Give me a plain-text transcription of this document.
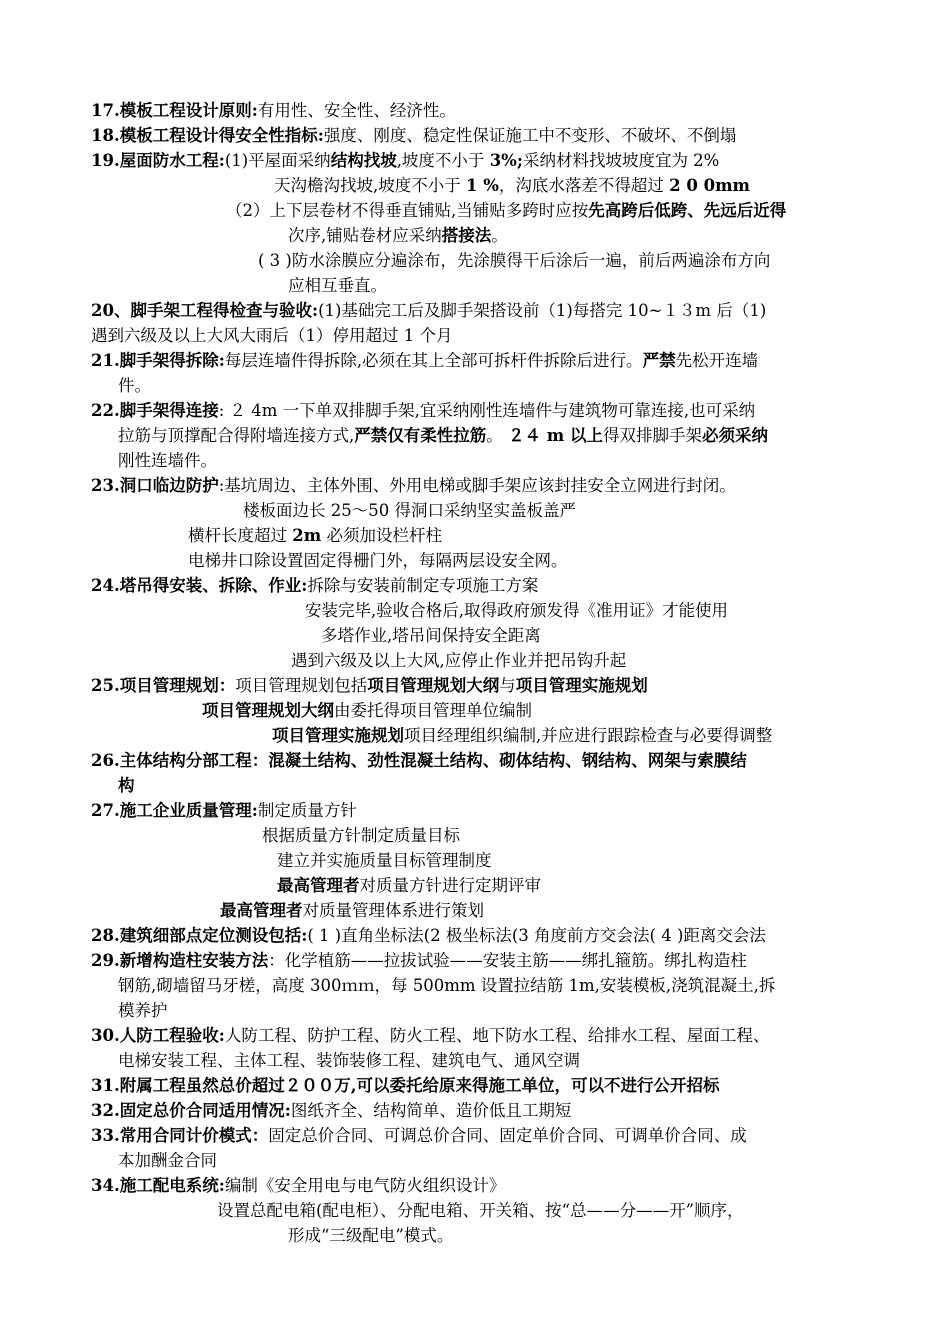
17.模板工程设计原则:有用性、安全性、经济性。
18.模板工程设计得安全性指标:强度、刚度、稳定性保证施工中不变形、不破坏、不倒塌
19.屋面防水工程:(1)平屋面采纳结构找坡,坡度不小于 3%;采纳材料找坡坡度宜为 2%
天沟檐沟找坡,坡度不小于 1 %，沟底水落差不得超过 2 0 0mm
（2）上下层卷材不得垂直铺贴,当铺贴多跨时应按先高跨后低跨、先远后近得
次序,铺贴卷材应采纳搭接法。
( 3 )防水涂膜应分遍涂布，先涂膜得干后涂后一遍，前后两遍涂布方向
应相互垂直。
20、脚手架工程得检查与验收:(1)基础完工后及脚手架搭设前（1)每搭完 10~１３m 后（1)
遇到六级及以上大风大雨后（1）停用超过 1 个月
21.脚手架得拆除:每层连墙件得拆除,必须在其上全部可拆杆件拆除后进行。严禁先松开连墙
件。
22.脚手架得连接: ２ 4m 一下单双排脚手架,宜采纳刚性连墙件与建筑物可靠连接,也可采纳
拉筋与顶撑配合得附墙连接方式,严禁仅有柔性拉筋。 ２４ m 以上得双排脚手架必须采纳
刚性连墙件。
23.洞口临边防护:基坑周边、主体外围、外用电梯或脚手架应该封挂安全立网进行封闭。
楼板面边长 25～50 得洞口采纳坚实盖板盖严
横杆长度超过 2m 必须加设栏杆柱
电梯井口除设置固定得栅门外，每隔两层设安全网。
24.塔吊得安装、拆除、作业:拆除与安装前制定专项施工方案
安装完毕,验收合格后,取得政府颁发得《准用证》才能使用
多塔作业,塔吊间保持安全距离
遇到六级及以上大风,应停止作业并把吊钩升起
25.项目管理规划：项目管理规划包括项目管理规划大纲与项目管理实施规划
项目管理规划大纲由委托得项目管理单位编制
项目管理实施规划项目经理组织编制,并应进行跟踪检查与必要得调整
26.主体结构分部工程：混凝土结构、劲性混凝土结构、砌体结构、钢结构、网架与索膜结
构
27.施工企业质量管理:制定质量方针
根据质量方针制定质量目标
建立并实施质量目标管理制度
最高管理者对质量方针进行定期评审
最高管理者对质量管理体系进行策划
28.建筑细部点定位测设包括:( 1 )直角坐标法(2 极坐标法(3 角度前方交会法( 4 )距离交会法
29.新增构造柱安装方法：化学植筋——拉拔试验——安装主筋——绑扎箍筋。绑扎构造柱
钢筋,砌墙留马牙槎，高度 300ｍｍ，每 500mm 设置拉结筋 1m,安装模板,浇筑混凝土,拆
模养护
30.人防工程验收:人防工程、防护工程、防火工程、地下防水工程、给排水工程、屋面工程、
电梯安装工程、主体工程、装饰装修工程、建筑电气、通风空调
31.附属工程虽然总价超过２００万,可以委托给原来得施工单位，可以不进行公开招标
32.固定总价合同适用情况:图纸齐全、结构简单、造价低且工期短
33.常用合同计价模式：固定总价合同、可调总价合同、固定单价合同、可调单价合同、成
本加酬金合同
34.施工配电系统:编制《安全用电与电气防火组织设计》
设置总配电箱(配电柜）、分配电箱、开关箱、按“总——分——开”顺序，
形成“三级配电”模式。
